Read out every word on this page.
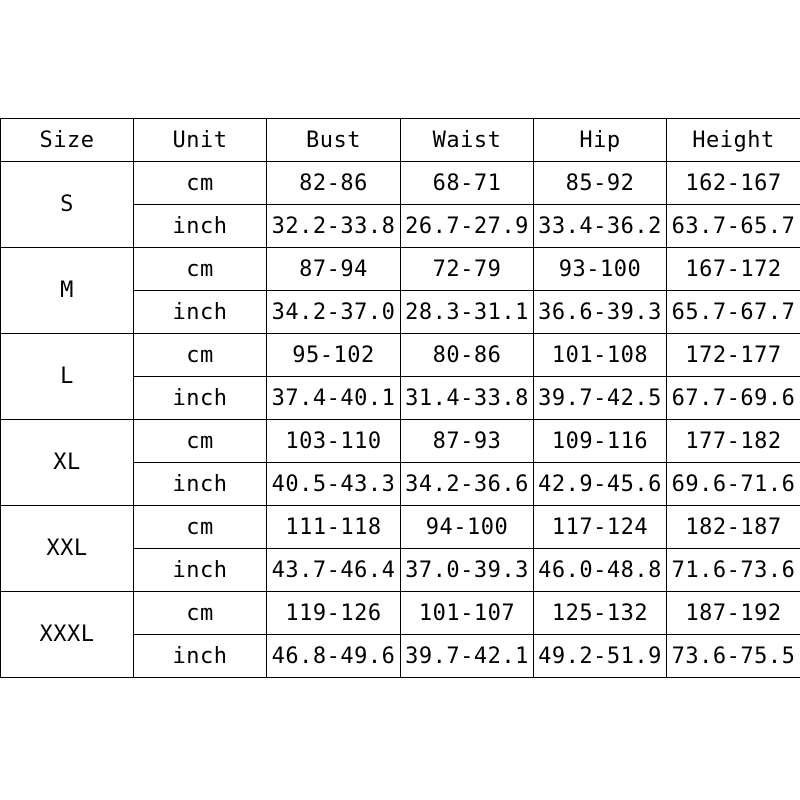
Size	Unit	Bust	Waist	Hip	Height
S	cm	82-86	68-71	85-92	162-167
	inch	32.2-33.8	26.7-27.9	33.4-36.2	63.7-65.7
M	cm	87-94	72-79	93-100	167-172
	inch	34.2-37.0	28.3-31.1	36.6-39.3	65.7-67.7
L	cm	95-102	80-86	101-108	172-177
	inch	37.4-40.1	31.4-33.8	39.7-42.5	67.7-69.6
XL	cm	103-110	87-93	109-116	177-182
	inch	40.5-43.3	34.2-36.6	42.9-45.6	69.6-71.6
XXL	cm	111-118	94-100	117-124	182-187
	inch	43.7-46.4	37.0-39.3	46.0-48.8	71.6-73.6
XXXL	cm	119-126	101-107	125-132	187-192
	inch	46.8-49.6	39.7-42.1	49.2-51.9	73.6-75.5
